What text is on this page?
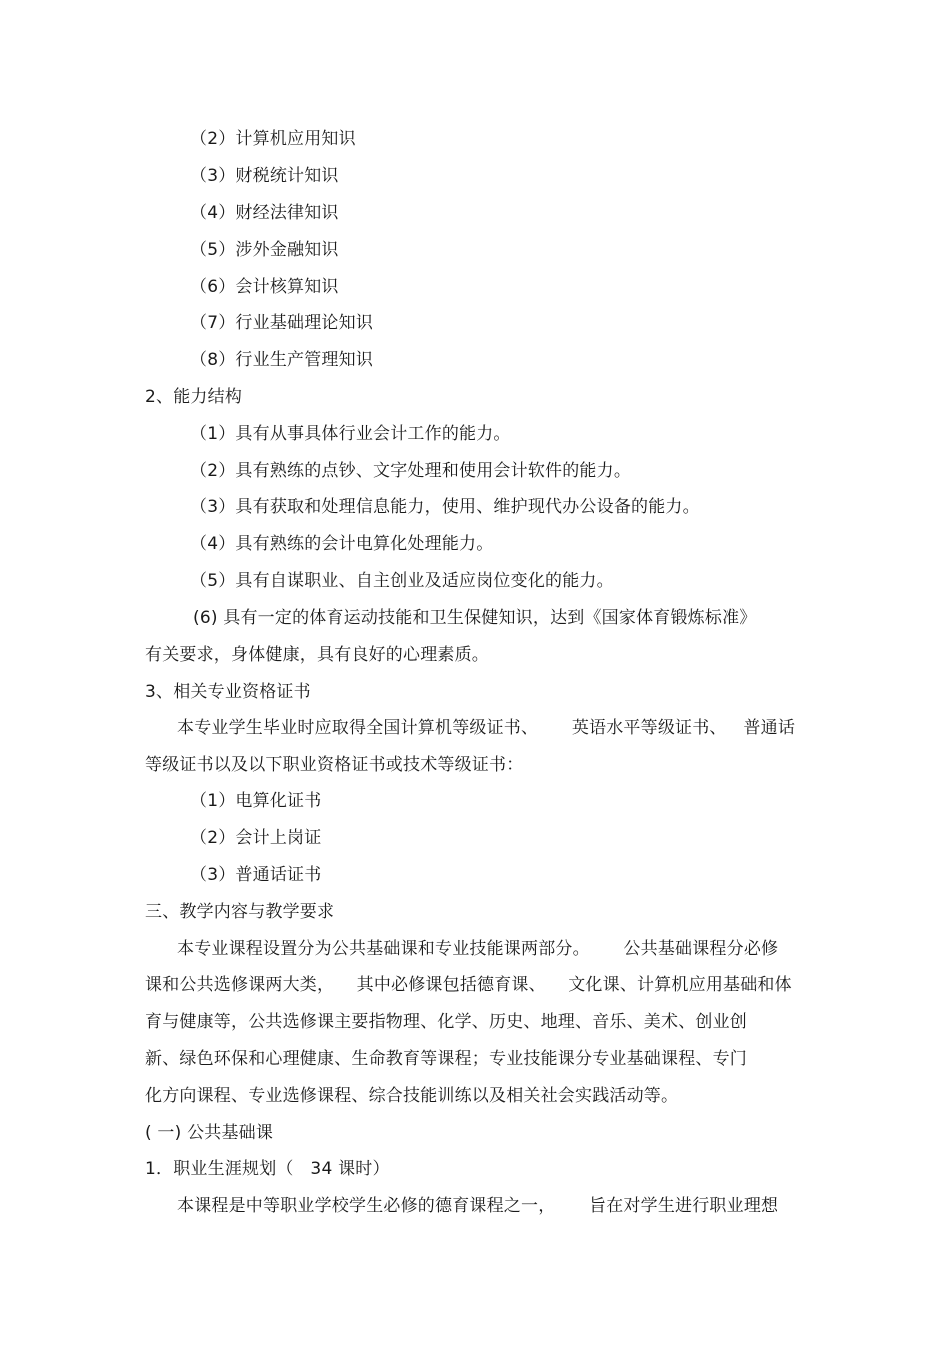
（2）计算机应用知识
（3）财税统计知识
（4）财经法律知识
（5）涉外金融知识
（6）会计核算知识
（7）行业基础理论知识
（8）行业生产管理知识
2、能力结构
（1）具有从事具体行业会计工作的能力。
（2）具有熟练的点钞、文字处理和使用会计软件的能力。
（3）具有获取和处理信息能力，使用、维护现代办公设备的能力。
（4）具有熟练的会计电算化处理能力。
（5）具有自谋职业、自主创业及适应岗位变化的能力。
(6) 具有一定的体育运动技能和卫生保健知识，达到《国家体育锻炼标准》
有关要求，身体健康，具有良好的心理素质。
3、相关专业资格证书
本专业学生毕业时应取得全国计算机等级证书、      英语水平等级证书、   普通话
等级证书以及以下职业资格证书或技术等级证书：
（1）电算化证书
（2）会计上岗证
（3）普通话证书
三、教学内容与教学要求
本专业课程设置分为公共基础课和专业技能课两部分。      公共基础课程分必修
课和公共选修课两大类，    其中必修课包括德育课、    文化课、计算机应用基础和体
育与健康等，公共选修课主要指物理、化学、历史、地理、音乐、美术、创业创
新、绿色环保和心理健康、生命教育等课程；专业技能课分专业基础课程、专门
化方向课程、专业选修课程、综合技能训练以及相关社会实践活动等。
( 一) 公共基础课
1．职业生涯规划（   34 课时）
本课程是中等职业学校学生必修的德育课程之一，      旨在对学生进行职业理想
